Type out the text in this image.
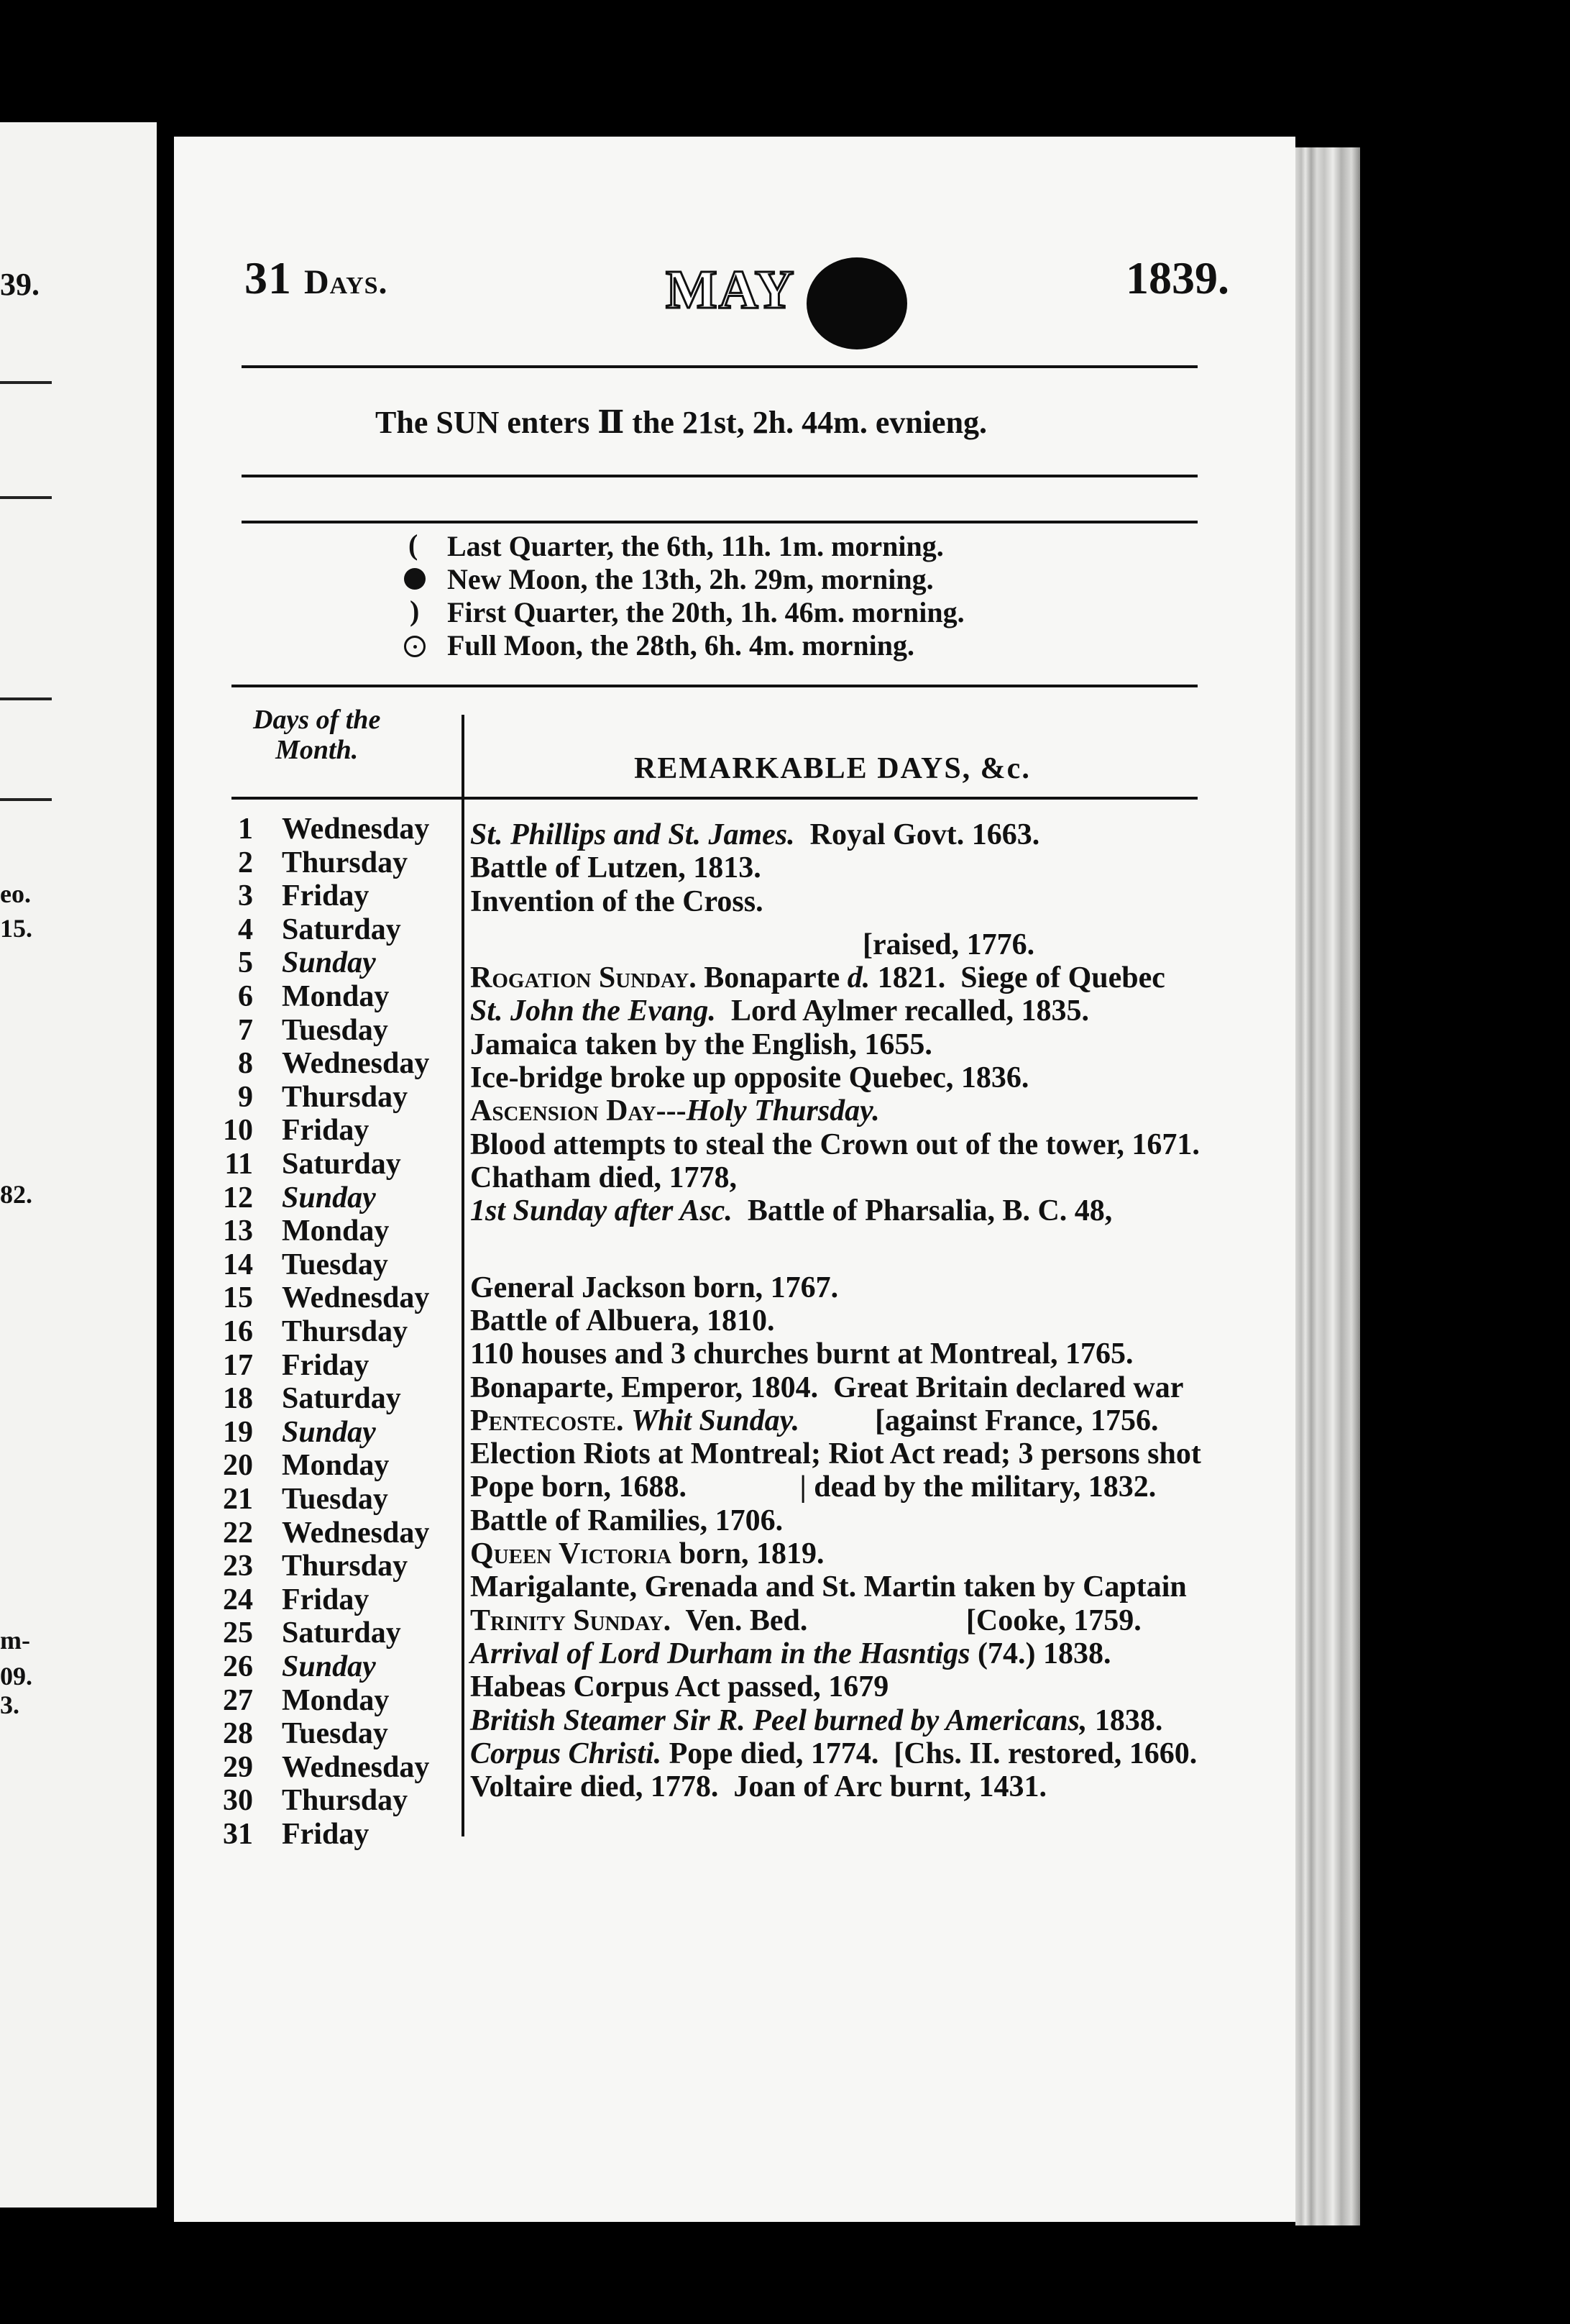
39.
eo.
15.
82.
m-
09.
3.
31 Days.	MAY	1839.
The SUN enters Ⅱ the 21st, 2h. 44m. evnieng.
(
Last Quarter, the 6th, 11h. 1m. morning.
New Moon, the 13th, 2h. 29m, morning.
)
First Quarter, the 20th, 1h. 46m. morning.
Full Moon, the 28th, 6h. 4m. morning.
Days of the
Month.
REMARKABLE DAYS, &c.
1 Wednesday
2 Thursday
3 Friday
4 Saturday
5 Sunday
6 Monday
7 Tuesday
8 Wednesday
9 Thursday
10 Friday
11 Saturday
12 Sunday
13 Monday
14 Tuesday
15 Wednesday
16 Thursday
17 Friday
18 Saturday
19 Sunday
20 Monday
21 Tuesday
22 Wednesday
23 Thursday
24 Friday
25 Saturday
26 Sunday
27 Monday
28 Tuesday
29 Wednesday
30 Thursday
31 Friday
St. Phillips and St. James.  Royal Govt. 1663.
Battle of Lutzen, 1813.
Invention of the Cross.
[raised, 1776.
Rogation Sunday. Bonaparte d. 1821.  Siege of Quebec
St. John the Evang.  Lord Aylmer recalled, 1835.
Jamaica taken by the English, 1655.
Ice-bridge broke up opposite Quebec, 1836.
Ascension Day---Holy Thursday.
Blood attempts to steal the Crown out of the tower, 1671.
Chatham died, 1778,
1st Sunday after Asc.  Battle of Pharsalia, B. C. 48,
General Jackson born, 1767.
Battle of Albuera, 1810.
110 houses and 3 churches burnt at Montreal, 1765.
Bonaparte, Emperor, 1804.  Great Britain declared war
Pentecoste. Whit Sunday.          [against France, 1756.
Election Riots at Montreal; Riot Act read; 3 persons shot
Pope born, 1688.               | dead by the military, 1832.
Battle of Ramilies, 1706.
Queen Victoria born, 1819.
Marigalante, Grenada and St. Martin taken by Captain
Trinity Sunday.  Ven. Bed.                     [Cooke, 1759.
Arrival of Lord Durham in the Hasntigs (74.) 1838.
Habeas Corpus Act passed, 1679
British Steamer Sir R. Peel burned by Americans, 1838.
Corpus Christi. Pope died, 1774.  [Chs. II. restored, 1660.
Voltaire died, 1778.  Joan of Arc burnt, 1431.
